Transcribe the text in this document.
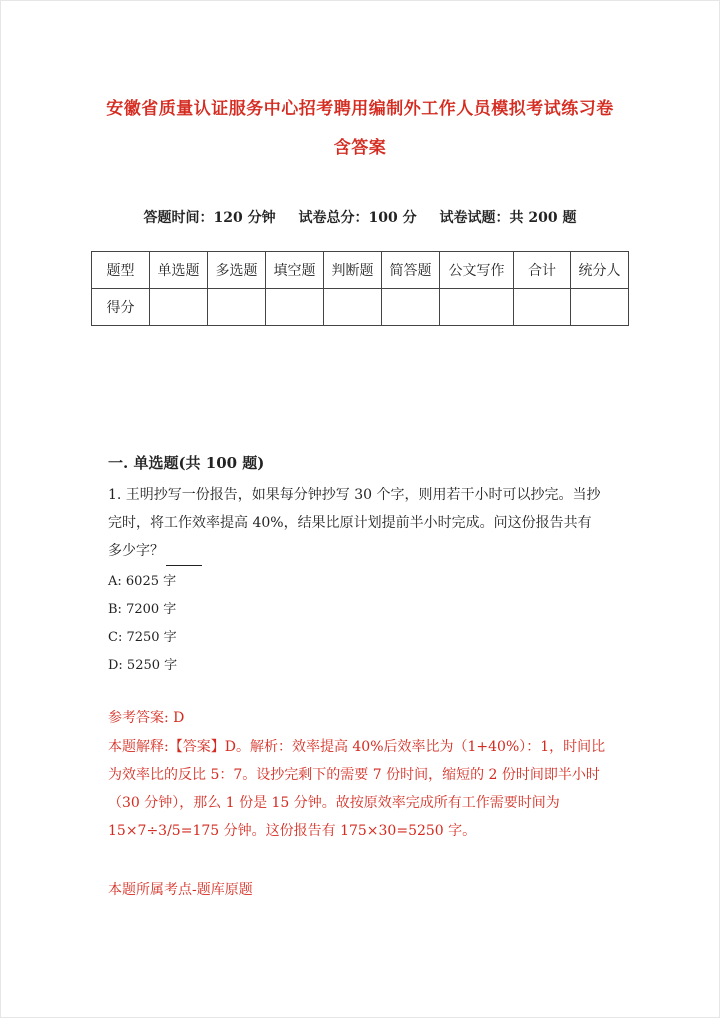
安徽省质量认证服务中心招考聘用编制外工作人员模拟考试练习卷
含答案
答题时间：120 分钟 试卷总分：100 分 试卷试题：共 200 题
题型	单选题	多选题	填空题	判断题	简答题	公文写作	合计	统分人
得分								
一. 单选题(共 100 题)
1. 王明抄写一份报告，如果每分钟抄写 30 个字，则用若干小时可以抄完。当抄
完时，将工作效率提高 40%，结果比原计划提前半小时完成。问这份报告共有
多少字？
A: 6025 字
B: 7200 字
C: 7250 字
D: 5250 字
参考答案: D
本题解释:【答案】D。解析：效率提高 40%后效率比为（1+40%）：1，时间比
为效率比的反比 5：7。设抄完剩下的需要 7 份时间，缩短的 2 份时间即半小时
（30 分钟），那么 1 份是 15 分钟。故按原效率完成所有工作需要时间为
15×7÷3/5=175 分钟。这份报告有 175×30=5250 字。
本题所属考点-题库原题
